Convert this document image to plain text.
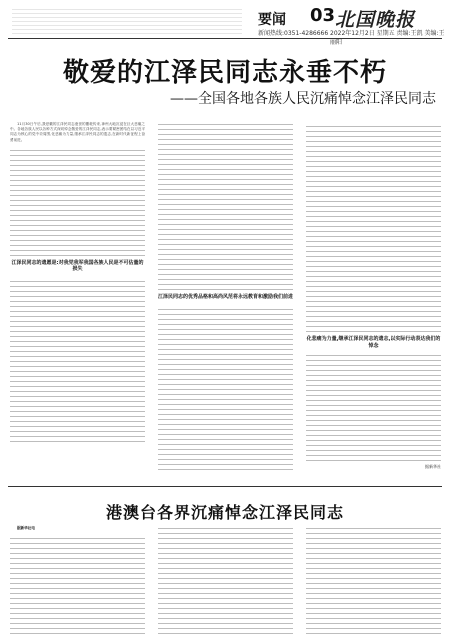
要闻 03 北国晚报
新闻热线:0351-4286666 2022年12月2日 星期五 责编:王凯 美编:王丽阳
敬爱的江泽民同志永垂不朽
——全国各地各族人民沉痛悼念江泽民同志

11月30日午后,我爱戴的江泽民同志逝世的噩耗传来,神州大地沉浸在巨大悲痛之中。各地各族人民以各种方式深切悼念敬爱的江泽民同志,表示要紧密团结在以习近平同志为核心的党中央周围,化悲痛为力量,继承江泽民同志的遗志,在新时代新征程上奋勇前进。

江泽民同志的遗愿是:对我党我军我国各族人民是不可估量的损失
江泽民同志的优秀品格和高尚风范将永远教育和激励我们前进
化悲痛为力量,继承江泽民同志的遗志,以实际行动表达我们的悼念
据新华社
港澳台各界沉痛悼念江泽民同志

据新华社电
